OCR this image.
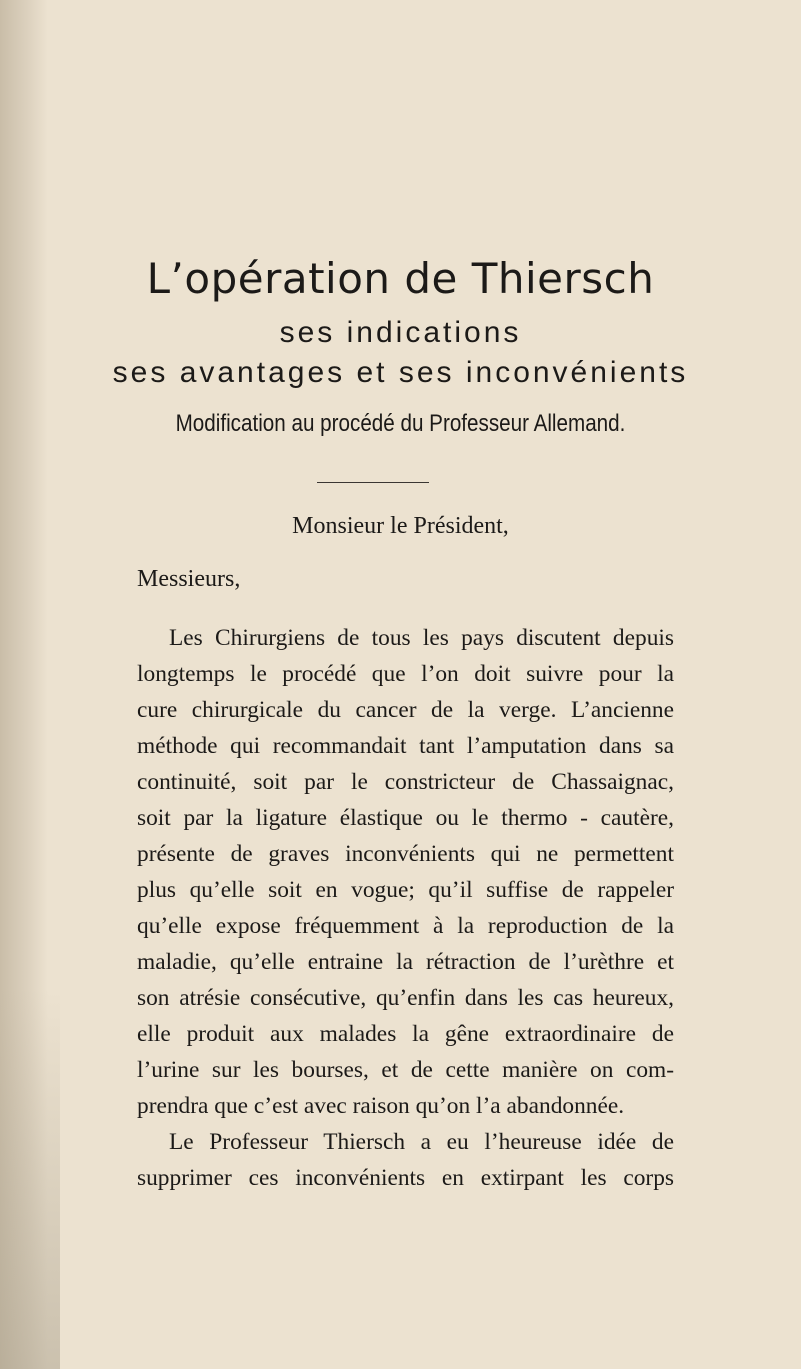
L’opération de Thiersch
ses indications
ses avantages et ses inconvénients
Modification au procédé du Professeur Allemand.
Monsieur le Président,
Messieurs,
Les Chirurgiens de tous les pays discutent depuis
longtemps le procédé que l’on doit suivre pour la
cure chirurgicale du cancer de la verge. L’ancienne
méthode qui recommandait tant l’amputation dans sa
continuité, soit par le constricteur de Chassaignac,
soit par la ligature élastique ou le thermo - cautère,
présente de graves inconvénients qui ne permettent
plus qu’elle soit en vogue; qu’il suffise de rappeler
qu’elle expose fréquemment à la reproduction de la
maladie, qu’elle entraine la rétraction de l’urèthre et
son atrésie consécutive, qu’enfin dans les cas heureux,
elle produit aux malades la gêne extraordinaire de
l’urine sur les bourses, et de cette manière on com-
prendra que c’est avec raison qu’on l’a abandonnée.
Le Professeur Thiersch a eu l’heureuse idée de
supprimer ces inconvénients en extirpant les corps
